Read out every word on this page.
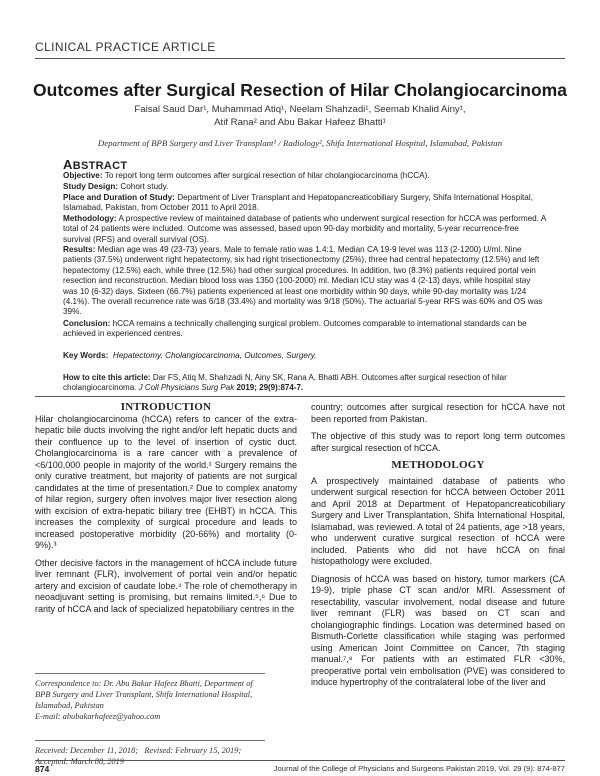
CLINICAL PRACTICE ARTICLE
Outcomes after Surgical Resection of Hilar Cholangiocarcinoma
Faisal Saud Dar¹, Muhammad Atiq¹, Neelam Shahzadi¹, Seemab Khalid Ainy¹,
Atif Rana² and Abu Bakar Hafeez Bhatti¹
Department of BPB Surgery and Liver Transplant¹ / Radiology², Shifa International Hospital, Islamabad, Pakistan
ABSTRACT
Objective: To report long term outcomes after surgical resection of hilar cholangiocarcinoma (hCCA).
Study Design: Cohort study.
Place and Duration of Study: Department of Liver Transplant and Hepatopancreaticobiliary Surgery, Shifa International Hospital, Islamabad, Pakistan, from October 2011 to April 2018.
Methodology: A prospective review of maintained database of patients who underwent surgical resection for hCCA was performed. A total of 24 patients were included. Outcome was assessed, based upon 90-day morbidity and mortality, 5-year recurrence-free survival (RFS) and overall survival (OS).
Results: Median age was 49 (23-73) years. Male to female ratio was 1.4:1. Median CA 19-9 level was 113 (2-1200) U/ml. Nine patients (37.5%) underwent right hepatectomy, six had right trisectionectomy (25%), three had central hepatectomy (12.5%) and left hepatectomy (12.5%) each, while three (12.5%) had other surgical procedures. In addition, two (8.3%) patients required portal vein resection and reconstruction. Median blood loss was 1350 (100-2000) ml. Median ICU stay was 4 (2-13) days, while hospital stay was 10 (6-32) days. Sixteen (66.7%) patients experienced at least one morbidity within 90 days, while 90-day mortality was 1/24 (4.1%). The overall recurrence rate was 6/18 (33.4%) and mortality was 9/18 (50%). The actuarial 5-year RFS was 60% and OS was 39%.
Conclusion: hCCA remains a technically challenging surgical problem. Outcomes comparable to international standards can be achieved in experienced centres.
Key Words: Hepatectomy, Cholangiocarcinoma, Outcomes, Surgery.
How to cite this article: Dar FS, Atiq M, Shahzadi N, Ainy SK, Rana A, Bhatti ABH. Outcomes after surgical resection of hilar cholangiocarcinoma. J Coll Physicians Surg Pak 2019; 29(9):874-7.
INTRODUCTION

Hilar cholangiocarcinoma (hCCA) refers to cancer of the extra-hepatic bile ducts involving the right and/or left hepatic ducts and their confluence up to the level of insertion of cystic duct. Cholangiocarcinoma is a rare cancer with a prevalence of <6/100,000 people in majority of the world.¹ Surgery remains the only curative treatment, but majority of patients are not surgical candidates at the time of presentation.² Due to complex anatomy of hilar region, surgery often involves major liver resection along with excision of extra-hepatic biliary tree (EHBT) in hCCA. This increases the complexity of surgical procedure and leads to increased postoperative morbidity (20-66%) and mortality (0-9%).³

Other decisive factors in the management of hCCA include future liver remnant (FLR), involvement of portal vein and/or hepatic artery and excision of caudate lobe.⁴ The role of chemotherapy in neoadjuvant setting is promising, but remains limited.⁵,⁶ Due to rarity of hCCA and lack of specialized hepatobiliary centres in the

Correspondence to: Dr. Abu Bakar Hafeez Bhatti, Department of BPB Surgery and Liver Transplant, Shifa International Hospital, Islamabad, Pakistan
E-mail: abubakarhafeez@yahoo.com
Received: December 11, 2018;   Revised: February 15, 2019;
Accepted: March 08, 2019

country; outcomes after surgical resection for hCCA have not been reported from Pakistan.

The objective of this study was to report long term outcomes after surgical resection of hCCA.

METHODOLOGY

A prospectively maintained database of patients who underwent surgical resection for hCCA between October 2011 and April 2018 at Department of Hepatopancreaticobiliary Surgery and Liver Transplantation, Shifa International Hospital, Islamabad, was reviewed. A total of 24 patients, age >18 years, who underwent curative surgical resection of hCCA were included. Patients who did not have hCCA on final histopathology were excluded.

Diagnosis of hCCA was based on history, tumor markers (CA 19-9), triple phase CT scan and/or MRI. Assessment of resectability, vascular involvement, nodal disease and future liver remnant (FLR) was based on CT scan and cholangiographic findings. Location was determined based on Bismuth-Corlette classification while staging was performed using American Joint Committee on Cancer, 7th staging manual.⁷,⁸ For patients with an estimated FLR <30%, preoperative portal vein embolisation (PVE) was considered to induce hypertrophy of the contralateral lobe of the liver and

874	Journal of the College of Physicians and Surgeons Pakistan 2019, Vol. 29 (9): 874-877
